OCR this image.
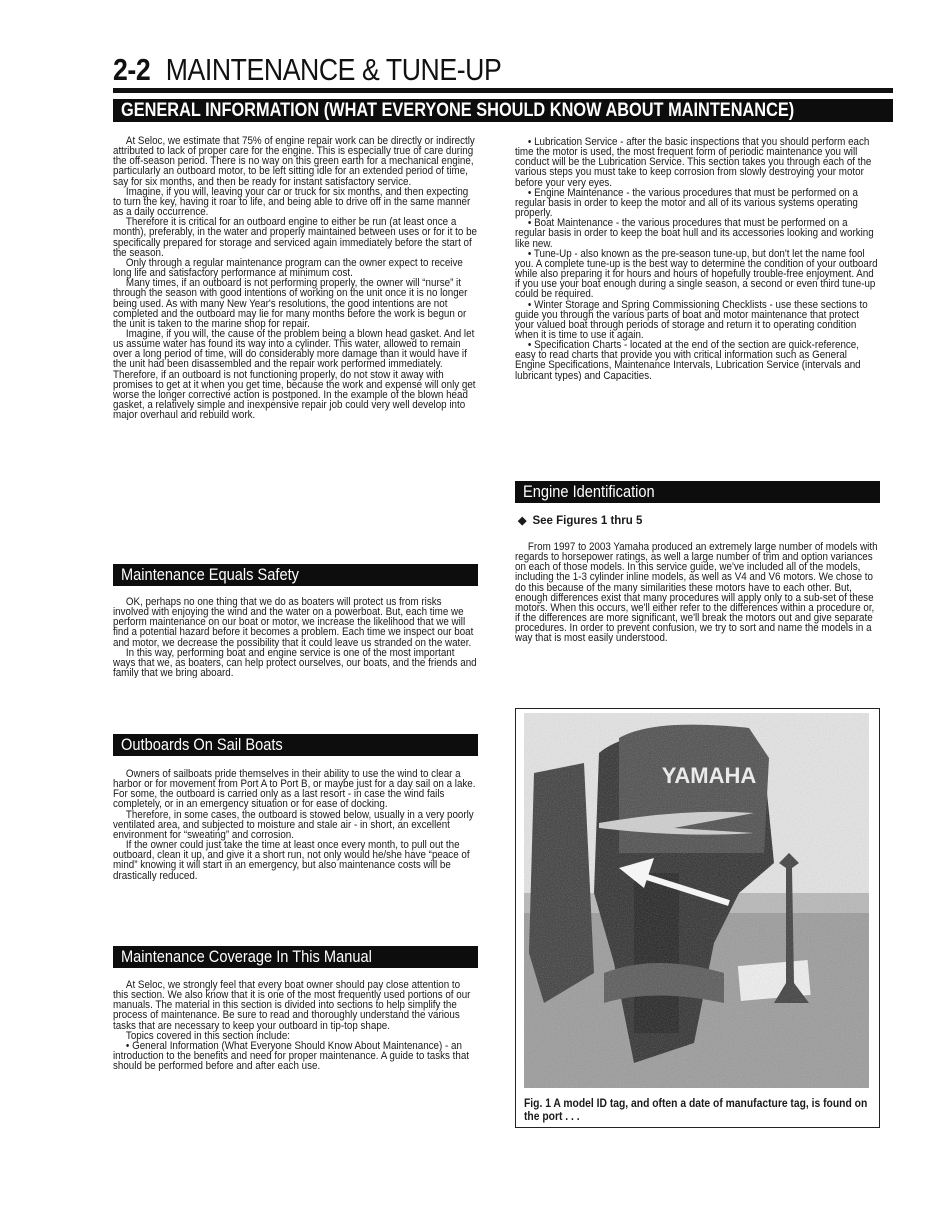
2-2 MAINTENANCE & TUNE-UP
GENERAL INFORMATION (WHAT EVERYONE SHOULD KNOW ABOUT MAINTENANCE)

At Seloc, we estimate that 75% of engine repair work can be directly or indirectly attributed to lack of proper care for the engine. This is especially true of care during the off-season period. There is no way on this green earth for a mechanical engine, particularly an outboard motor, to be left sitting idle for an extended period of time, say for six months, and then be ready for instant satisfactory service.

Imagine, if you will, leaving your car or truck for six months, and then expecting to turn the key, having it roar to life, and being able to drive off in the same manner as a daily occurrence.

Therefore it is critical for an outboard engine to either be run (at least once a month), preferably, in the water and properly maintained between uses or for it to be specifically prepared for storage and serviced again immediately before the start of the season.

Only through a regular maintenance program can the owner expect to receive long life and satisfactory performance at minimum cost.

Many times, if an outboard is not performing properly, the owner will “nurse” it through the season with good intentions of working on the unit once it is no longer being used. As with many New Year's resolutions, the good intentions are not completed and the outboard may lie for many months before the work is begun or the unit is taken to the marine shop for repair.

Imagine, if you will, the cause of the problem being a blown head gasket. And let us assume water has found its way into a cylinder. This water, allowed to remain over a long period of time, will do considerably more damage than it would have if the unit had been disassembled and the repair work performed immediately. Therefore, if an outboard is not functioning properly, do not stow it away with promises to get at it when you get time, because the work and expense will only get worse the longer corrective action is postponed. In the example of the blown head gasket, a relatively simple and inexpensive repair job could very well develop into major overhaul and rebuild work.

Maintenance Equals Safety

OK, perhaps no one thing that we do as boaters will protect us from risks involved with enjoying the wind and the water on a powerboat. But, each time we perform maintenance on our boat or motor, we increase the likelihood that we will find a potential hazard before it becomes a problem. Each time we inspect our boat and motor, we decrease the possibility that it could leave us stranded on the water.

In this way, performing boat and engine service is one of the most important ways that we, as boaters, can help protect ourselves, our boats, and the friends and family that we bring aboard.

Outboards On Sail Boats

Owners of sailboats pride themselves in their ability to use the wind to clear a harbor or for movement from Port A to Port B, or maybe just for a day sail on a lake. For some, the outboard is carried only as a last resort - in case the wind fails completely, or in an emergency situation or for ease of docking.

Therefore, in some cases, the outboard is stowed below, usually in a very poorly ventilated area, and subjected to moisture and stale air - in short, an excellent environment for “sweating” and corrosion.

If the owner could just take the time at least once every month, to pull out the outboard, clean it up, and give it a short run, not only would he/she have “peace of mind” knowing it will start in an emergency, but also maintenance costs will be drastically reduced.

Maintenance Coverage In This Manual

At Seloc, we strongly feel that every boat owner should pay close attention to this section. We also know that it is one of the most frequently used portions of our manuals. The material in this section is divided into sections to help simplify the process of maintenance. Be sure to read and thoroughly understand the various tasks that are necessary to keep your outboard in tip-top shape.

Topics covered in this section include:

• General Information (What Everyone Should Know About Maintenance) - an introduction to the benefits and need for proper maintenance. A guide to tasks that should be performed before and after each use.

• Lubrication Service - after the basic inspections that you should perform each time the motor is used, the most frequent form of periodic maintenance you will conduct will be the Lubrication Service. This section takes you through each of the various steps you must take to keep corrosion from slowly destroying your motor before your very eyes.

• Engine Maintenance - the various procedures that must be performed on a regular basis in order to keep the motor and all of its various systems operating properly.

• Boat Maintenance - the various procedures that must be performed on a regular basis in order to keep the boat hull and its accessories looking and working like new.

• Tune-Up - also known as the pre-season tune-up, but don't let the name fool you. A complete tune-up is the best way to determine the condition of your outboard while also preparing it for hours and hours of hopefully trouble-free enjoyment. And if you use your boat enough during a single season, a second or even third tune-up could be required.

• Winter Storage and Spring Commissioning Checklists - use these sections to guide you through the various parts of boat and motor maintenance that protect your valued boat through periods of storage and return it to operating condition when it is time to use it again.

• Specification Charts - located at the end of the section are quick-reference, easy to read charts that provide you with critical information such as General Engine Specifications, Maintenance Intervals, Lubrication Service (intervals and lubricant types) and Capacities.

Engine Identification
◆ See Figures 1 thru 5

From 1997 to 2003 Yamaha produced an extremely large number of models with regards to horsepower ratings, as well a large number of trim and option variances on each of those models. In this service guide, we've included all of the models, including the 1-3 cylinder inline models, as well as V4 and V6 motors. We chose to do this because of the many similarities these motors have to each other. But, enough differences exist that many procedures will apply only to a sub-set of these motors. When this occurs, we'll either refer to the differences within a procedure or, if the differences are more significant, we'll break the motors out and give separate procedures. In order to prevent confusion, we try to sort and name the models in a way that is most easily understood.

YAMAHA
Fig. 1 A model ID tag, and often a date of manufacture tag, is found on the port . . .
